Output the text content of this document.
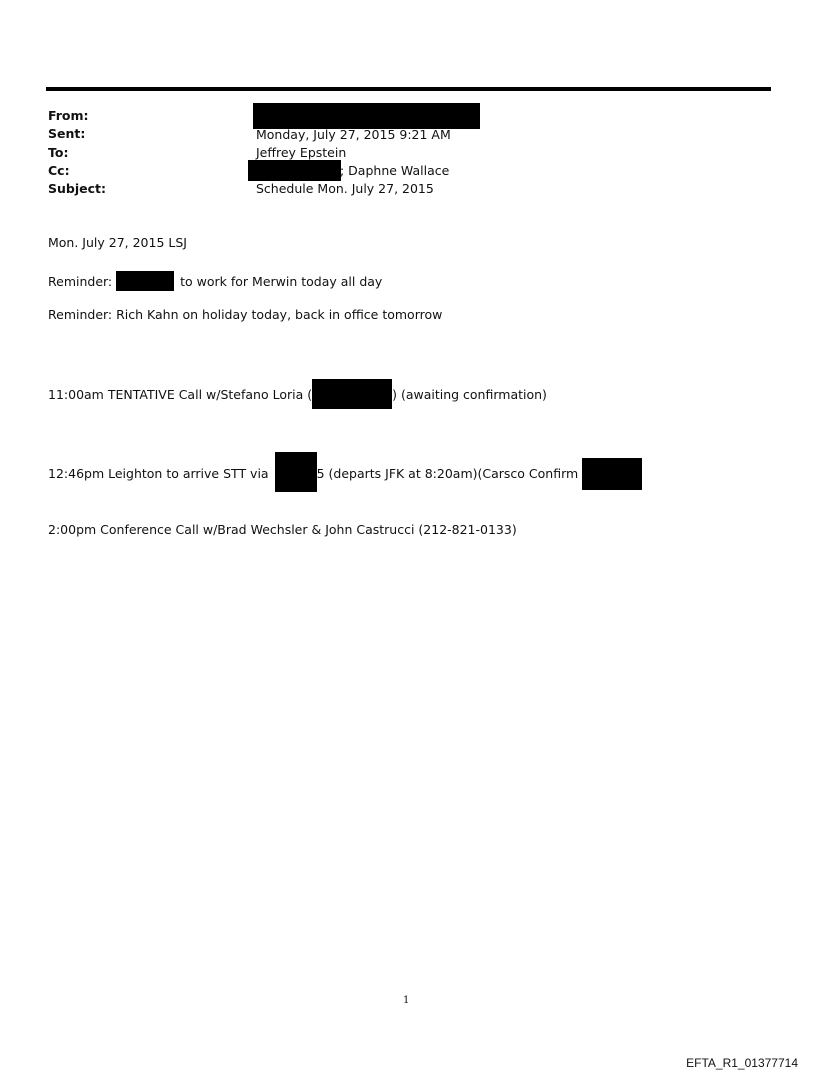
From:
Sent:	Monday, July 27, 2015 9:21 AM
To:	Jeffrey Epstein
Cc:	; Daphne Wallace
Subject:	Schedule Mon. July 27, 2015
Mon. July 27, 2015 LSJ
Reminder:	to work for Merwin today all day
Reminder: Rich Kahn on holiday today, back in office tomorrow
11:00am TENTATIVE Call w/Stefano Loria (	) (awaiting confirmation)
12:46pm Leighton to arrive STT via	5 (departs JFK at 8:20am)(Carsco Confirm
2:00pm Conference Call w/Brad Wechsler & John Castrucci (212-821-0133)
1
EFTA_R1_01377714
